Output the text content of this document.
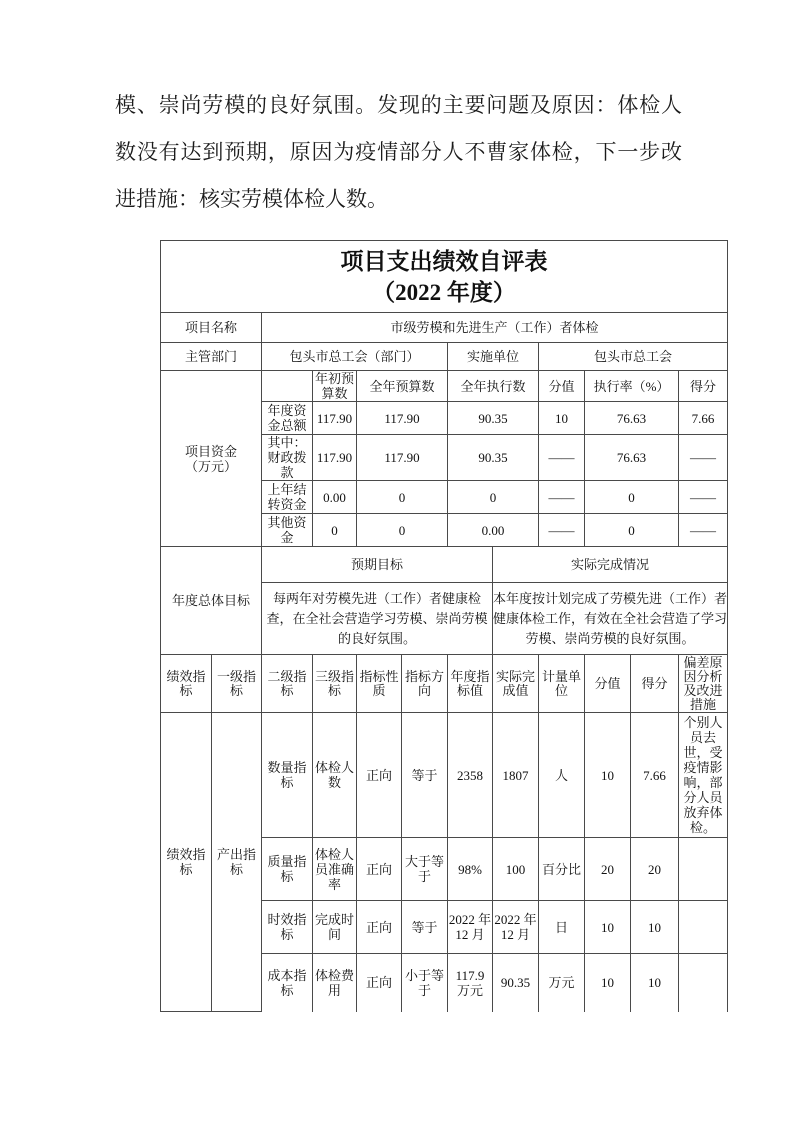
模、崇尚劳模的良好氛围。发现的主要问题及原因：体检人
数没有达到预期，原因为疫情部分人不曹家体检，下一步改
进措施：核实劳模体检人数。
项目支出绩效自评表
（2022 年度）											

项目名称		市级劳模和先进生产（工作）者体检									
主管部门		包头市总工会（部门）				实施单位		包头市总工会			

项目资金（万元）			年初预算数	全年预算数		全年执行数		分值	执行率（%）		得分
		年度资金总额	117.90	117.90		90.35		10	76.63		7.66
		其中：财政拨款	117.90	117.90		90.35		——	76.63		——
		上年结转资金	0.00	0		0		——	0		——
		其他资金	0	0		0.00		——	0		——
年度总体目标		预期目标					实际完成情况				
		每两年对劳模先进（工作）者健康检查，在全社会营造学习劳模、崇尚劳模的良好氛围。					本年度按计划完成了劳模先进（工作）者健康体检工作，有效在全社会营造了学习劳模、崇尚劳模的良好氛围。				
绩效指标	一级指标	二级指标	三级指标	指标性质	指标方向	年度指标值	实际完成值	计量单位	分值	得分	偏差原因分析及改进措施
绩效指标	产出指标	数量指标	体检人数	正向	等于	2358	1807	人	10	7.66	个别人员去世，受疫情影响，部分人员放弃体检。
		质量指标	体检人员准确率	正向	大于等于	98%	100	百分比	20	20	
		时效指标	完成时间	正向	等于	2022 年 12 月	2022 年 12 月	日	10	10	
		成本指标	体检费用	正向	小于等于	117.9 万元	90.35	万元	10	10	
